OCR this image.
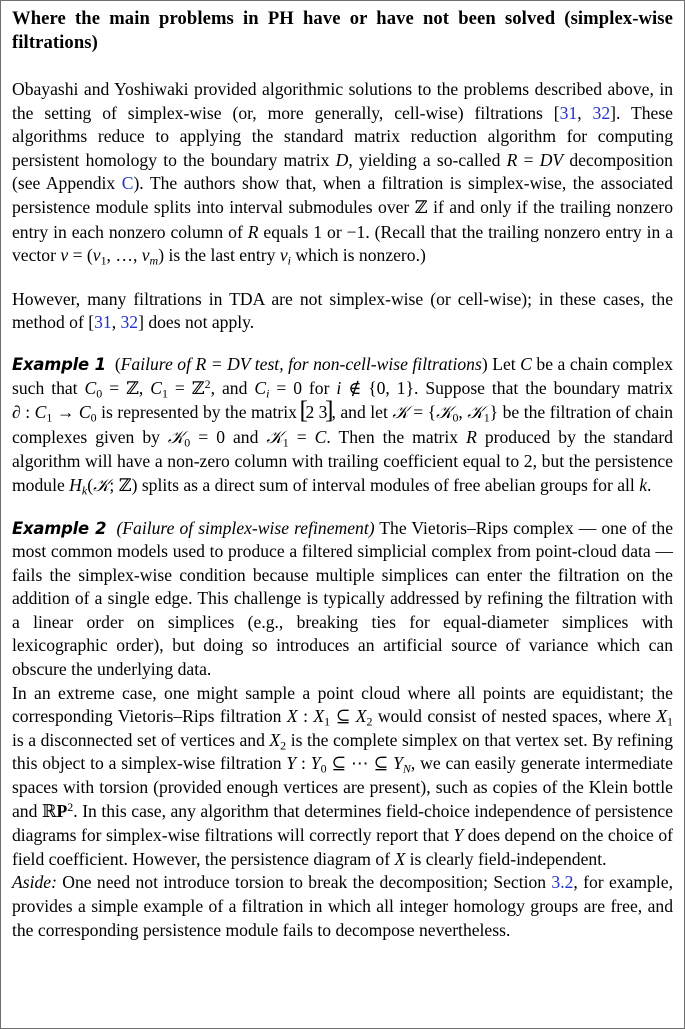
Where the main problems in PH have or have not been solved (simplex-wise filtrations)

Obayashi and Yoshiwaki provided algorithmic solutions to the problems described above, in the setting of simplex-wise (or, more generally, cell-wise) filtrations [31, 32]. These algorithms reduce to applying the standard matrix reduction algorithm for computing persistent homology to the boundary matrix D, yielding a so-called R = DV decomposition (see Appendix C). The authors show that, when a filtration is simplex-wise, the associated persistence module splits into interval submodules over ℤ if and only if the trailing nonzero entry in each nonzero column of R equals 1 or −1. (Recall that the trailing nonzero entry in a vector $v = (v_1$, …, $v_m$) is the last entry $v_i$ which is nonzero.)

However, many filtrations in TDA are not simplex-wise (or cell-wise); in these cases, the method of [31, 32] does not apply.

Example 1 (Failure of R = DV test, for non-cell-wise filtrations) Let C be a chain complex such that $C_0$ = ℤ, $C_1$ = ℤ$^2$, and $C_i = 0$ for i ∉ {0, 1}. Suppose that the boundary matrix ∂ : $C_1 \to C_0$ is represented by the matrix [ 2 3 ] , and let 𝒦 = {𝒦$_0$, 𝒦$_1$} be the filtration of chain complexes given by 𝒦$_0$ = 0 and 𝒦$_1$ = C. Then the matrix R produced by the standard algorithm will have a non-zero column with trailing coefficient equal to 2, but the persistence module $H_k(𝒦$; ℤ) splits as a direct sum of interval modules of free abelian groups for all k.

Example 2 (Failure of simplex-wise refinement) The Vietoris–Rips complex — one of the most common models used to produce a filtered simplicial complex from point-cloud data — fails the simplex-wise condition because multiple simplices can enter the filtration on the addition of a single edge. This challenge is typically addressed by refining the filtration with a linear order on simplices (e.g., breaking ties for equal-diameter simplices with lexicographic order), but doing so introduces an artificial source of variance which can obscure the underlying data.

In an extreme case, one might sample a point cloud where all points are equidistant; the corresponding Vietoris–Rips filtration X : $X_1$ ⊆ $X_2$ would consist of nested spaces, where $X_1$ is a disconnected set of vertices and $X_2$ is the complete simplex on that vertex set. By refining this object to a simplex-wise filtration Y : $Y_0$ ⊆ ⋯ ⊆ $Y_N$, we can easily generate intermediate spaces with torsion (provided enough vertices are present), such as copies of the Klein bottle and ℝP$^2$. In this case, any algorithm that determines field-choice independence of persistence diagrams for simplex-wise filtrations will correctly report that Y does depend on the choice of field coefficient. However, the persistence diagram of X is clearly field-independent.

Aside: One need not introduce torsion to break the decomposition; Section 3.2, for example, provides a simple example of a filtration in which all integer homology groups are free, and the corresponding persistence module fails to decompose nevertheless.
